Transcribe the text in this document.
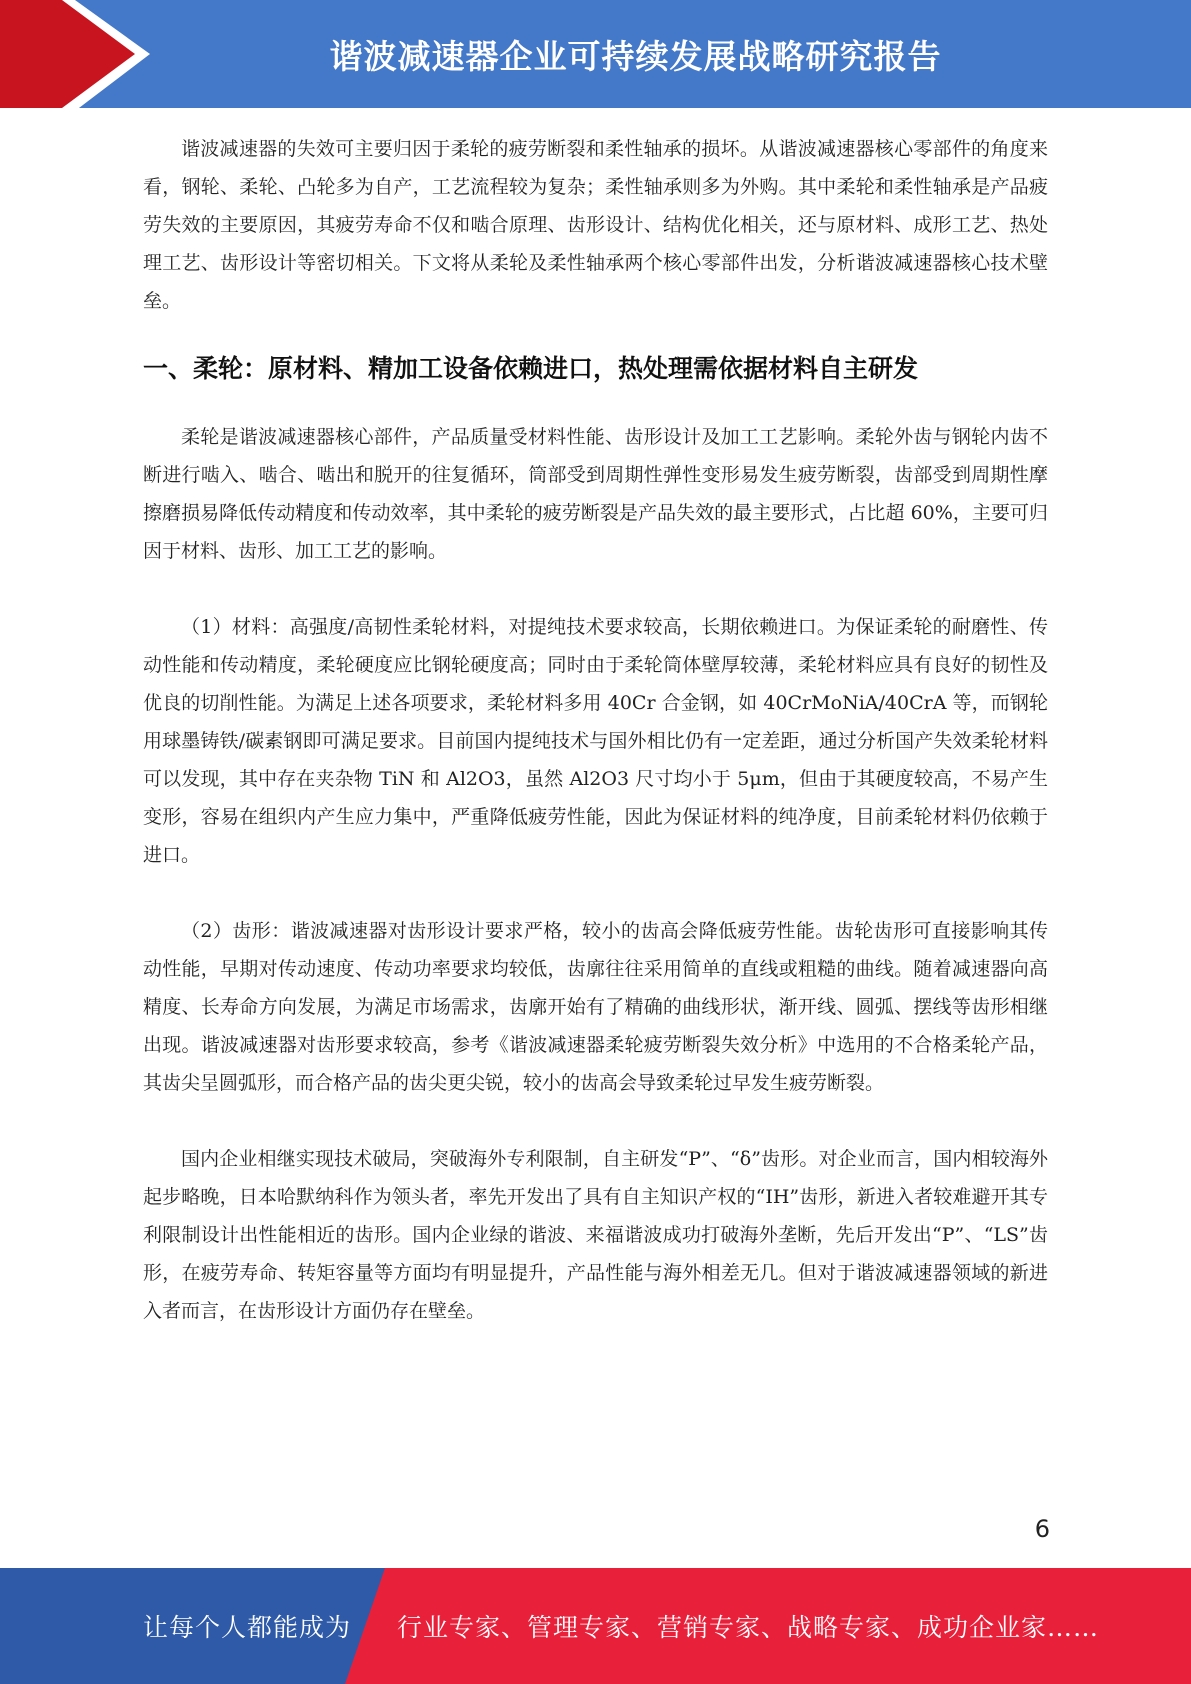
谐波减速器企业可持续发展战略研究报告

谐波减速器的失效可主要归因于柔轮的疲劳断裂和柔性轴承的损坏。从谐波减速器核心零部件的角度来看，钢轮、柔轮、凸轮多为自产，工艺流程较为复杂；柔性轴承则多为外购。其中柔轮和柔性轴承是产品疲劳失效的主要原因，其疲劳寿命不仅和啮合原理、齿形设计、结构优化相关，还与原材料、成形工艺、热处理工艺、齿形设计等密切相关。下文将从柔轮及柔性轴承两个核心零部件出发，分析谐波减速器核心技术壁垒。

一、柔轮：原材料、精加工设备依赖进口，热处理需依据材料自主研发

柔轮是谐波减速器核心部件，产品质量受材料性能、齿形设计及加工工艺影响。柔轮外齿与钢轮内齿不断进行啮入、啮合、啮出和脱开的往复循环，筒部受到周期性弹性变形易发生疲劳断裂，齿部受到周期性摩擦磨损易降低传动精度和传动效率，其中柔轮的疲劳断裂是产品失效的最主要形式，占比超 60%，主要可归因于材料、齿形、加工工艺的影响。

（1）材料：高强度/高韧性柔轮材料，对提纯技术要求较高，长期依赖进口。为保证柔轮的耐磨性、传动性能和传动精度，柔轮硬度应比钢轮硬度高；同时由于柔轮筒体壁厚较薄，柔轮材料应具有良好的韧性及优良的切削性能。为满足上述各项要求，柔轮材料多用 40Cr 合金钢，如 40CrMoNiA/40CrA 等，而钢轮用球墨铸铁/碳素钢即可满足要求。目前国内提纯技术与国外相比仍有一定差距，通过分析国产失效柔轮材料可以发现，其中存在夹杂物 TiN 和 Al2O3，虽然 Al2O3 尺寸均小于 5μm，但由于其硬度较高，不易产生变形，容易在组织内产生应力集中，严重降低疲劳性能，因此为保证材料的纯净度，目前柔轮材料仍依赖于进口。

（2）齿形：谐波减速器对齿形设计要求严格，较小的齿高会降低疲劳性能。齿轮齿形可直接影响其传动性能，早期对传动速度、传动功率要求均较低，齿廓往往采用简单的直线或粗糙的曲线。随着减速器向高精度、长寿命方向发展，为满足市场需求，齿廓开始有了精确的曲线形状，渐开线、圆弧、摆线等齿形相继出现。谐波减速器对齿形要求较高，参考《谐波减速器柔轮疲劳断裂失效分析》中选用的不合格柔轮产品，其齿尖呈圆弧形，而合格产品的齿尖更尖锐，较小的齿高会导致柔轮过早发生疲劳断裂。

国内企业相继实现技术破局，突破海外专利限制，自主研发“P”、“δ”齿形。对企业而言，国内相较海外起步略晚，日本哈默纳科作为领头者，率先开发出了具有自主知识产权的“IH”齿形，新进入者较难避开其专利限制设计出性能相近的齿形。国内企业绿的谐波、来福谐波成功打破海外垄断，先后开发出“P”、“LS”齿形，在疲劳寿命、转矩容量等方面均有明显提升，产品性能与海外相差无几。但对于谐波减速器领域的新进入者而言，在齿形设计方面仍存在壁垒。

6
让每个人都能成为 行业专家、管理专家、营销专家、战略专家、成功企业家……
